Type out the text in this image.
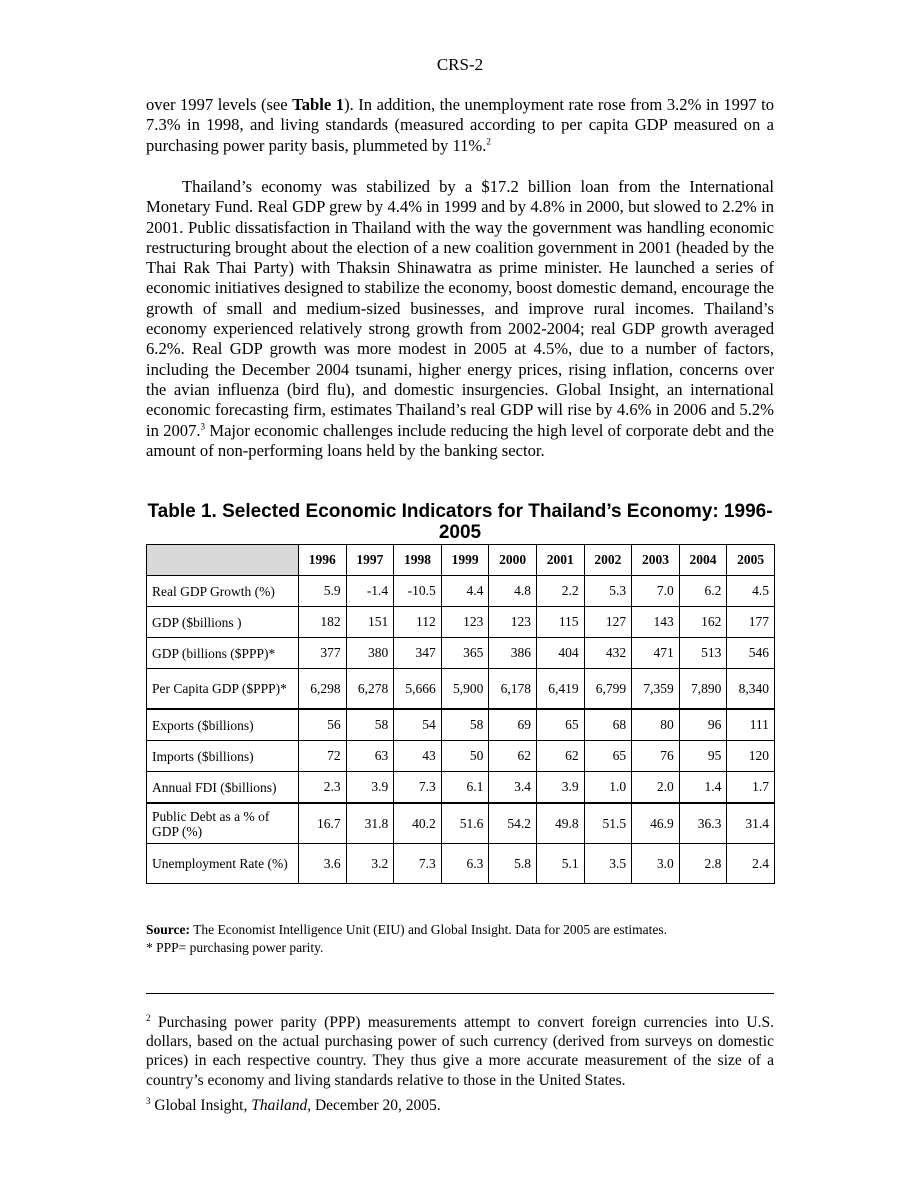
CRS-2

over 1997 levels (see Table 1). In addition, the unemployment rate rose from 3.2% in 1997 to 7.3% in 1998, and living standards (measured according to per capita GDP measured on a purchasing power parity basis, plummeted by 11%.$^2$

Thailand’s economy was stabilized by a $17.2 billion loan from the International Monetary Fund. Real GDP grew by 4.4% in 1999 and by 4.8% in 2000, but slowed to 2.2% in 2001. Public dissatisfaction in Thailand with the way the government was handling economic restructuring brought about the election of a new coalition government in 2001 (headed by the Thai Rak Thai Party) with Thaksin Shinawatra as prime minister. He launched a series of economic initiatives designed to stabilize the economy, boost domestic demand, encourage the growth of small and medium-sized businesses, and improve rural incomes. Thailand’s economy experienced relatively strong growth from 2002-2004; real GDP growth averaged 6.2%. Real GDP growth was more modest in 2005 at 4.5%, due to a number of factors, including the December 2004 tsunami, higher energy prices, rising inflation, concerns over the avian influenza (bird flu), and domestic insurgencies. Global Insight, an international economic forecasting firm, estimates Thailand’s real GDP will rise by 4.6% in 2006 and 5.2% in 2007.$^3$ Major economic challenges include reducing the high level of corporate debt and the amount of non-performing loans held by the banking sector.

Table 1. Selected Economic Indicators for Thailand’s Economy: 1996-2005
	1996	1997	1998	1999	2000	2001	2002	2003	2004	2005
Real GDP Growth (%)	5.9	-1.4	-10.5	4.4	4.8	2.2	5.3	7.0	6.2	4.5
GDP ($billions )	182	151	112	123	123	115	127	143	162	177
GDP (billions ($PPP)*	377	380	347	365	386	404	432	471	513	546
Per Capita GDP ($PPP)*	6,298	6,278	5,666	5,900	6,178	6,419	6,799	7,359	7,890	8,340
Exports ($billions)	56	58	54	58	69	65	68	80	96	111
Imports ($billions)	72	63	43	50	62	62	65	76	95	120
Annual FDI ($billions)	2.3	3.9	7.3	6.1	3.4	3.9	1.0	2.0	1.4	1.7
Public Debt as a % of GDP (%)	16.7	31.8	40.2	51.6	54.2	49.8	51.5	46.9	36.3	31.4
Unemployment Rate (%)	3.6	3.2	7.3	6.3	5.8	5.1	3.5	3.0	2.8	2.4
Source: The Economist Intelligence Unit (EIU) and Global Insight. Data for 2005 are estimates.
* PPP= purchasing power parity.

$^2$ Purchasing power parity (PPP) measurements attempt to convert foreign currencies into U.S. dollars, based on the actual purchasing power of such currency (derived from surveys on domestic prices) in each respective country. They thus give a more accurate measurement of the size of a country’s economy and living standards relative to those in the United States.

$^3$ Global Insight, Thailand, December 20, 2005.
